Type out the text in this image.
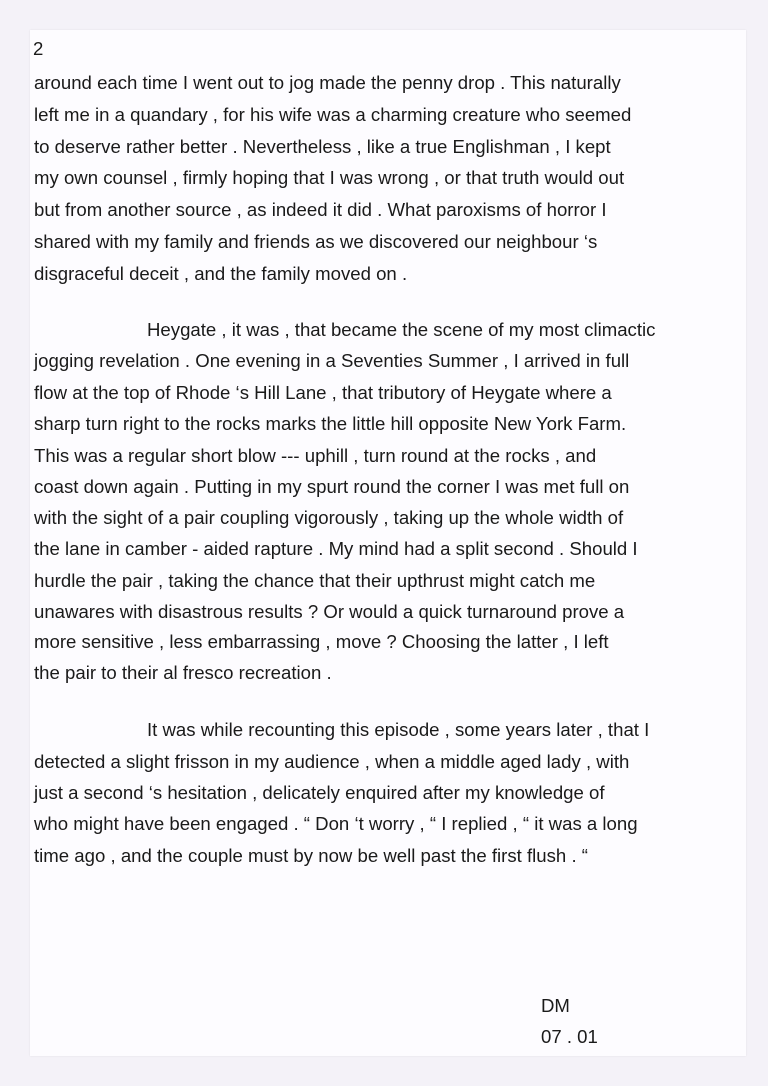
2
around each time I went out to jog made the penny drop . This naturally
left me in a quandary , for his wife was a charming creature who seemed
to deserve rather better . Nevertheless , like a true Englishman , I kept
my own counsel , firmly hoping that I was wrong , or that truth would out
but from another source , as indeed it did . What paroxisms of horror I
shared with my family and friends as we discovered our neighbour ‘s
disgraceful deceit , and the family moved on .
Heygate , it was , that became the scene of my most climactic
jogging revelation . One evening in a Seventies Summer , I arrived in full
flow at the top of Rhode ‘s Hill Lane , that tributory of Heygate where a
sharp turn right to the rocks marks the little hill opposite New York Farm.
This was a regular short blow --- uphill , turn round at the rocks , and
coast down again . Putting in my spurt round the corner I was met full on
with the sight of a pair coupling vigorously , taking up the whole width of
the lane in camber - aided rapture . My mind had a split second . Should I
hurdle the pair , taking the chance that their upthrust might catch me
unawares with disastrous results ? Or would a quick turnaround prove a
more sensitive , less embarrassing , move ? Choosing the latter , I left
the pair to their al fresco recreation .
It was while recounting this episode , some years later , that I
detected a slight frisson in my audience , when a middle aged lady , with
just a second ‘s hesitation , delicately enquired after my knowledge of
who might have been engaged . “ Don ‘t worry , “ I replied , “ it was a long
time ago , and the couple must by now be well past the first flush . “
DM
07 . 01
